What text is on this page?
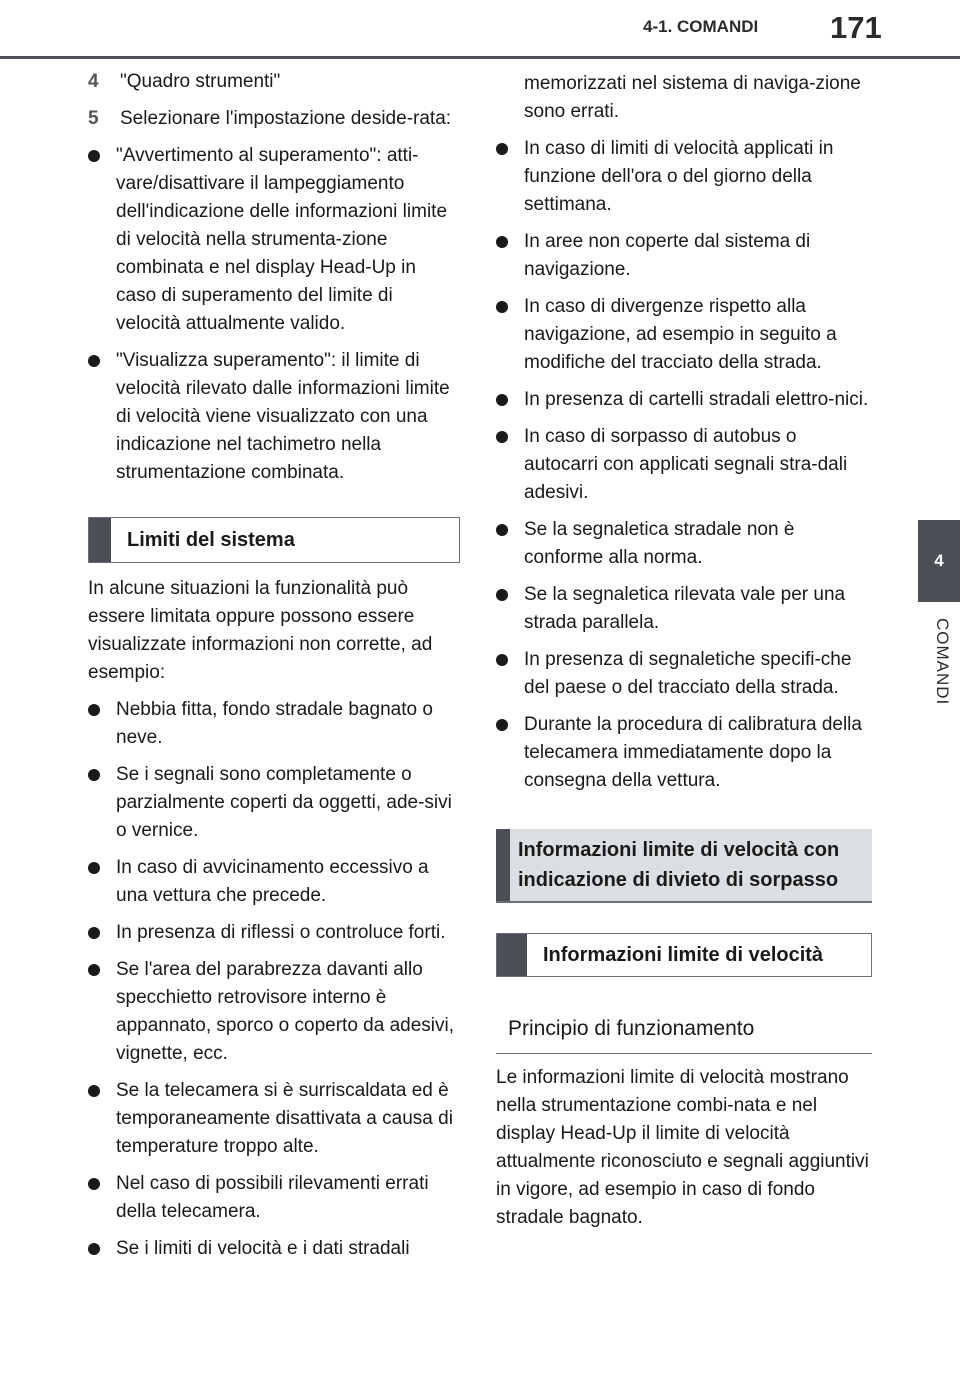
4-1. COMANDI 171
4
COMANDI
4	"Quadro strumenti"
5	Selezionare l'impostazione deside-rata:
"Avvertimento al superamento": atti-vare/disattivare il lampeggiamento dell'indicazione delle informazioni limite di velocità nella strumenta-zione combinata e nel display Head-Up in caso di superamento del limite di velocità attualmente valido.
"Visualizza superamento": il limite di velocità rilevato dalle informazioni limite di velocità viene visualizzato con una indicazione nel tachimetro nella strumentazione combinata.
Limiti del sistema

In alcune situazioni la funzionalità può essere limitata oppure possono essere visualizzate informazioni non corrette, ad esempio:

Nebbia fitta, fondo stradale bagnato o neve.
Se i segnali sono completamente o parzialmente coperti da oggetti, ade-sivi o vernice.
In caso di avvicinamento eccessivo a una vettura che precede.
In presenza di riflessi o controluce forti.
Se l'area del parabrezza davanti allo specchietto retrovisore interno è appannato, sporco o coperto da adesivi, vignette, ecc.
Se la telecamera si è surriscaldata ed è temporaneamente disattivata a causa di temperature troppo alte.
Nel caso di possibili rilevamenti errati della telecamera.
Se i limiti di velocità e i dati stradali
memorizzati nel sistema di naviga-zione sono errati.
In caso di limiti di velocità applicati in funzione dell'ora o del giorno della settimana.
In aree non coperte dal sistema di navigazione.
In caso di divergenze rispetto alla navigazione, ad esempio in seguito a modifiche del tracciato della strada.
In presenza di cartelli stradali elettro-nici.
In caso di sorpasso di autobus o autocarri con applicati segnali stra-dali adesivi.
Se la segnaletica stradale non è conforme alla norma.
Se la segnaletica rilevata vale per una strada parallela.
In presenza di segnaletiche specifi-che del paese o del tracciato della strada.
Durante la procedura di calibratura della telecamera immediatamente dopo la consegna della vettura.
Informazioni limite di velocità con indicazione di divieto di sorpasso
Informazioni limite di velocità
Principio di funzionamento

Le informazioni limite di velocità mostrano nella strumentazione combi-nata e nel display Head-Up il limite di velocità attualmente riconosciuto e segnali aggiuntivi in vigore, ad esempio in caso di fondo stradale bagnato.
